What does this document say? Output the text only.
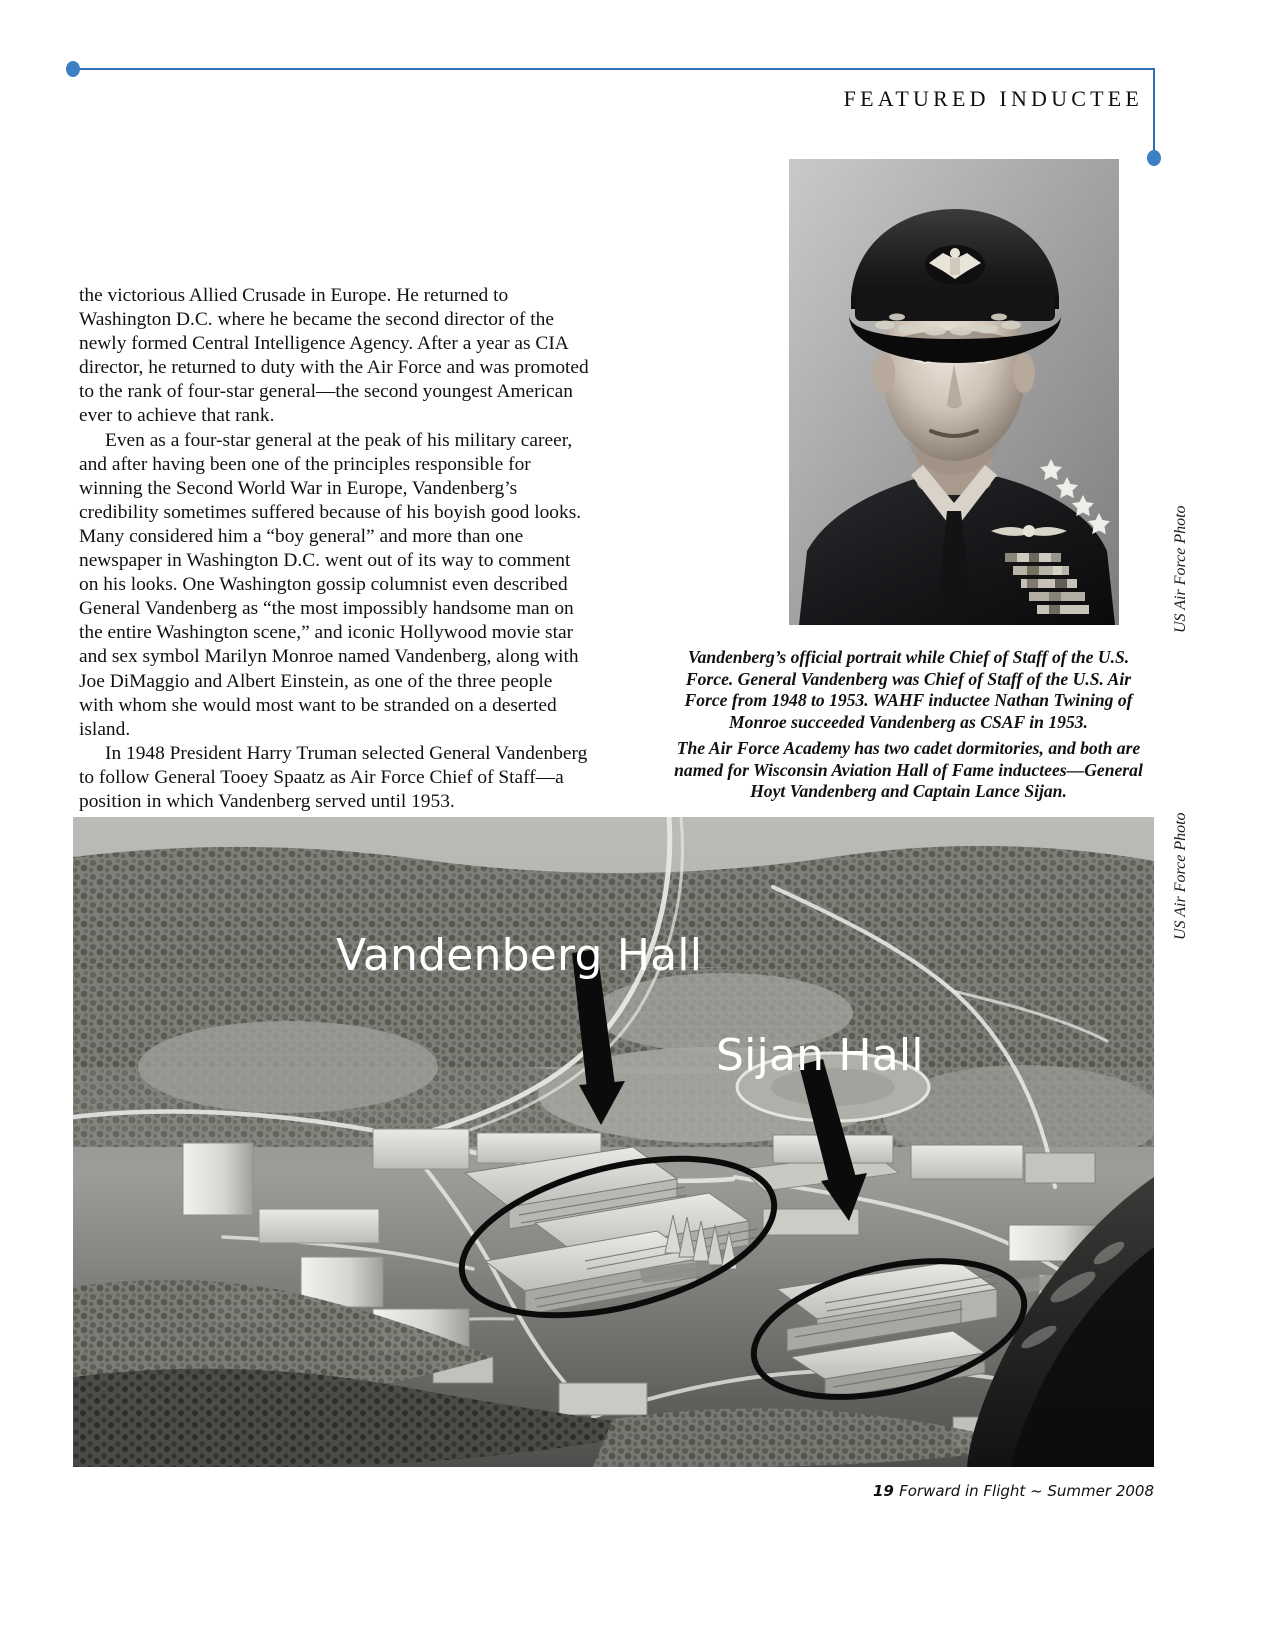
FEATURED INDUCTEE

the victorious Allied Crusade in Europe. He returned to Washington D.C. where he became the second director of the newly formed Central Intelligence Agency. After a year as CIA director, he returned to duty with the Air Force and was promoted to the rank of four-star general—the second youngest American ever to achieve that rank.

Even as a four-star general at the peak of his military career, and after having been one of the principles responsible for winning the Second World War in Europe, Vandenberg’s credibility sometimes suffered because of his boyish good looks. Many considered him a “boy general” and more than one newspaper in Washington D.C. went out of its way to comment on his looks. One Washington gossip columnist even described General Vandenberg as “the most impossibly handsome man on the entire Washington scene,” and iconic Hollywood movie star and sex symbol Marilyn Monroe named Vandenberg, along with Joe DiMaggio and Albert Einstein, as one of the three people with whom she would most want to be stranded on a deserted island.

In 1948 President Harry Truman selected General Vandenberg to follow General Tooey Spaatz as Air Force Chief of Staff—a position in which Vandenberg served until 1953.

US Air Force Photo
Vandenberg’s official portrait while Chief of Staff of the U.S. Force. General Vandenberg was Chief of Staff of the U.S. Air Force from 1948 to 1953. WAHF inductee Nathan Twining of Monroe succeeded Vandenberg as CSAF in 1953.
The Air Force Academy has two cadet dormitories, and both are named for Wisconsin Aviation Hall of Fame inductees—General Hoyt Vandenberg and Captain Lance Sijan.
Vandenberg Hall
Sijan Hall
US Air Force Photo
19 Forward in Flight ~ Summer 2008
